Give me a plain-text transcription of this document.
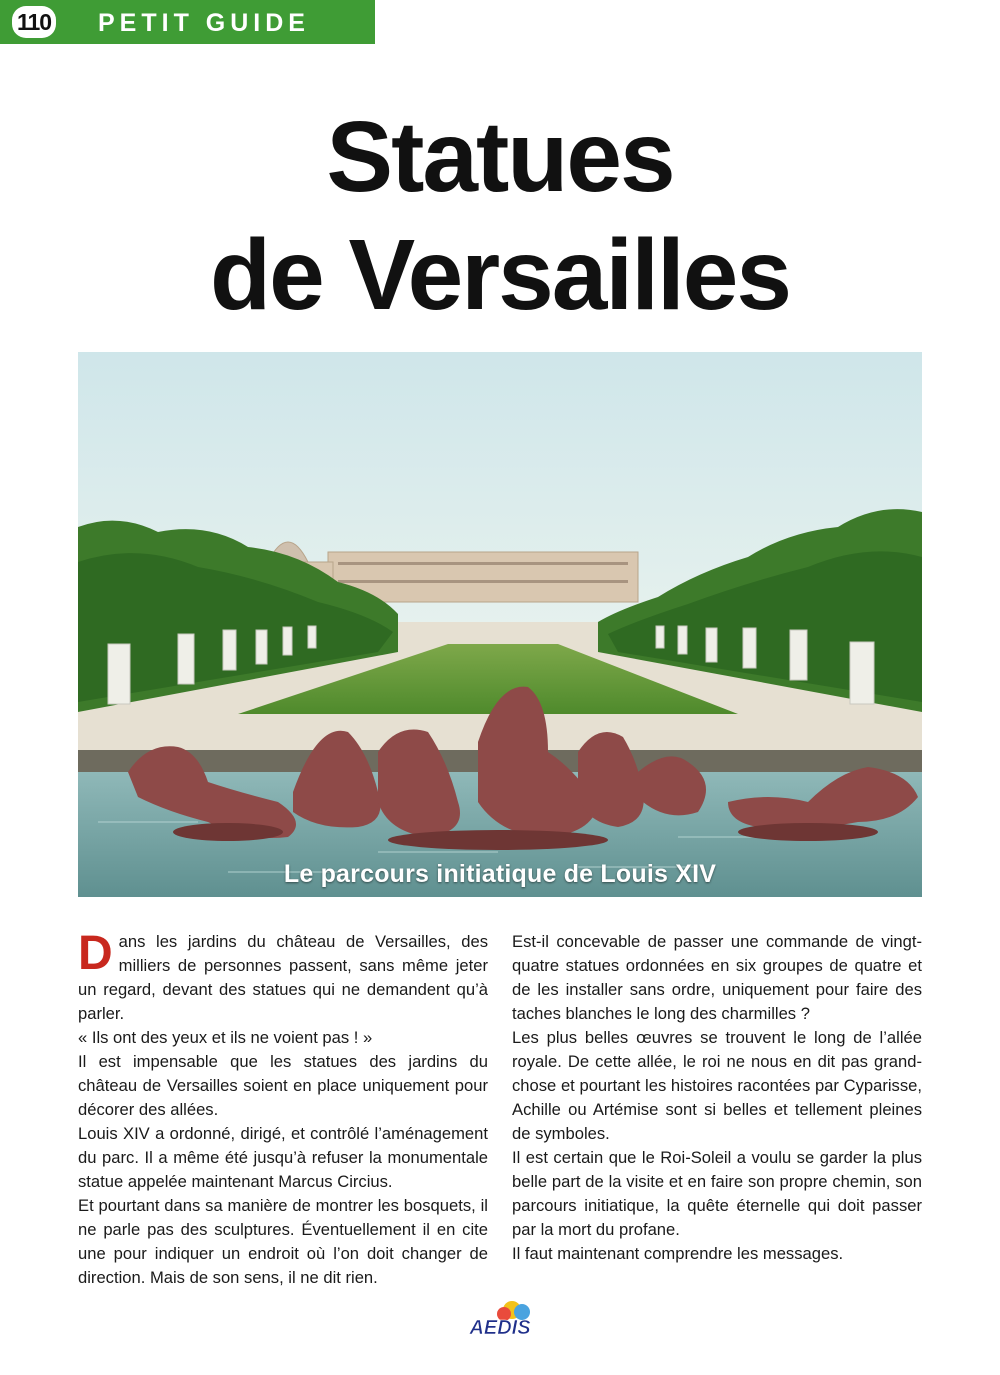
110 PETIT GUIDE
Statues
de Versailles
Le parcours initiatique de Louis XIV

Dans les jardins du château de Versailles, des milliers de personnes passent, sans même jeter un regard, devant des statues qui ne demandent qu’à parler.

« Ils ont des yeux et ils ne voient pas ! »

Il est impensable que les statues des jardins du château de Versailles soient en place uniquement pour décorer des allées.

Louis XIV a ordonné, dirigé, et contrôlé l’aménagement du parc. Il a même été jusqu’à refuser la monumentale statue appelée maintenant Marcus Circius.

Et pourtant dans sa manière de montrer les bosquets, il ne parle pas des sculptures. Éventuellement il en cite une pour indiquer un endroit où l’on doit changer de direction. Mais de son sens, il ne dit rien.

Est-il concevable de passer une commande de vingt-quatre statues ordonnées en six groupes de quatre et de les installer sans ordre, uniquement pour faire des taches blanches le long des charmilles ?

Les plus belles œuvres se trouvent le long de l’allée royale. De cette allée, le roi ne nous en dit pas grand-chose et pourtant les histoires racontées par Cyparisse, Achille ou Artémise sont si belles et tellement pleines de symboles.

Il est certain que le Roi-Soleil a voulu se garder la plus belle part de la visite et en faire son propre chemin, son parcours initiatique, la quête éternelle qui doit passer par la mort du profane.

Il faut maintenant comprendre les messages.

AEDIS
